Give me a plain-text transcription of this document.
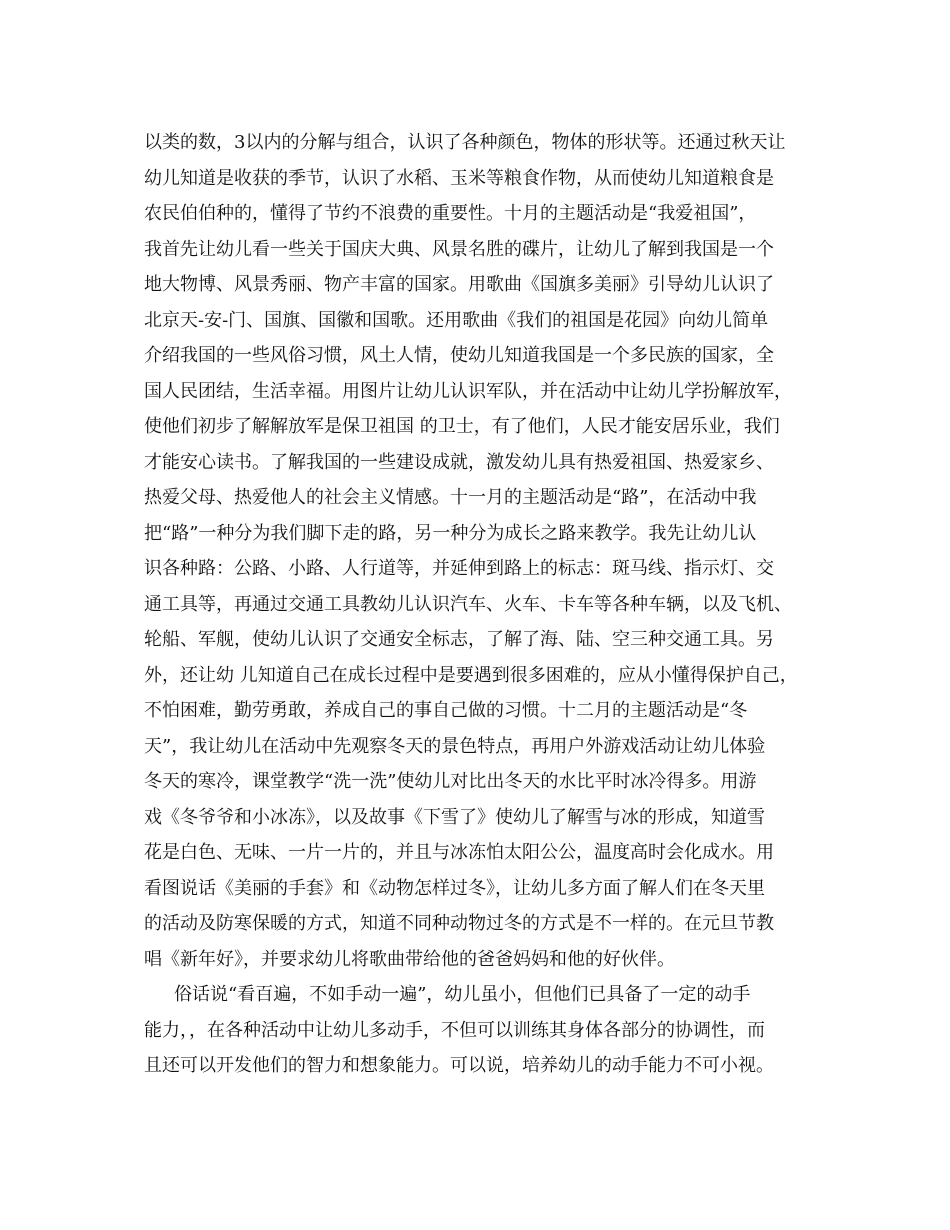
以类的数，3以内的分解与组合，认识了各种颜色，物体的形状等。还通过秋天让
幼儿知道是收获的季节，认识了水稻、玉米等粮食作物，从而使幼儿知道粮食是
农民伯伯种的，懂得了节约不浪费的重要性。十月的主题活动是“我爱祖国”，
我首先让幼儿看一些关于国庆大典、风景名胜的碟片，让幼儿了解到我国是一个
地大物博、风景秀丽、物产丰富的国家。用歌曲《国旗多美丽》引导幼儿认识了
北京天-安-门、国旗、国徽和国歌。还用歌曲《我们的祖国是花园》向幼儿简单
介绍我国的一些风俗习惯，风土人情，使幼儿知道我国是一个多民族的国家，全
国人民团结，生活幸福。用图片让幼儿认识军队，并在活动中让幼儿学扮解放军，
使他们初步了解解放军是保卫祖国 的卫士，有了他们，人民才能安居乐业，我们
才能安心读书。了解我国的一些建设成就，激发幼儿具有热爱祖国、热爱家乡、
热爱父母、热爱他人的社会主义情感。十一月的主题活动是“路”，在活动中我
把“路”一种分为我们脚下走的路，另一种分为成长之路来教学。我先让幼儿认
识各种路：公路、小路、人行道等，并延伸到路上的标志：斑马线、指示灯、交
通工具等，再通过交通工具教幼儿认识汽车、火车、卡车等各种车辆，以及飞机、
轮船、军舰，使幼儿认识了交通安全标志，了解了海、陆、空三种交通工具。另
外，还让幼 儿知道自己在成长过程中是要遇到很多困难的，应从小懂得保护自己，
不怕困难，勤劳勇敢，养成自己的事自己做的习惯。十二月的主题活动是“冬
天”，我让幼儿在活动中先观察冬天的景色特点，再用户外游戏活动让幼儿体验
冬天的寒冷，课堂教学“洗一洗”使幼儿对比出冬天的水比平时冰冷得多。用游
戏《冬爷爷和小冰冻》，以及故事《下雪了》使幼儿了解雪与冰的形成，知道雪
花是白色、无味、一片一片的，并且与冰冻怕太阳公公，温度高时会化成水。用
看图说话《美丽的手套》和《动物怎样过冬》，让幼儿多方面了解人们在冬天里
的活动及防寒保暖的方式，知道不同种动物过冬的方式是不一样的。在元旦节教
唱《新年好》，并要求幼儿将歌曲带给他的爸爸妈妈和他的好伙伴。
俗话说“看百遍，不如手动一遍”，幼儿虽小，但他们已具备了一定的动手
能力，，在各种活动中让幼儿多动手，不但可以训练其身体各部分的协调性，而
且还可以开发他们的智力和想象能力。可以说，培养幼儿的动手能力不可小视。
